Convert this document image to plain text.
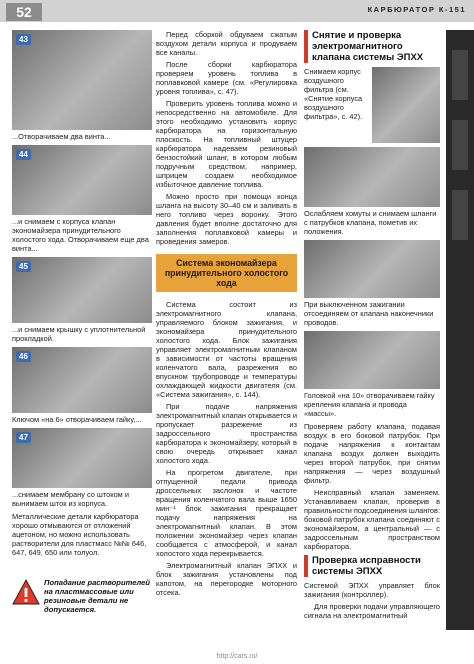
52	КАРБЮРАТОР К-151
43
...Отворачиваем два винта...
44
...и снимаем с корпуса клапан экономайзера принудительного холостого хода. Отворачиваем еще два винта...
45
...и снимаем крышку с уплотнительной прокладкой.
46
Ключом «на 6» отворачиваем гайку,...
47
...снимаем мембрану со штоком и вынимаем шток из корпуса.
Металлические детали карбюратора хорошо отмываются от отложений ацетоном, но можно использовать растворители для пластмасс №№ 646, 647, 649, 650 или толуол.
Попадание растворителей на пластмассовые или резиновые детали не допускается.

Перед сборкой обдуваем сжатым воздухом детали корпуса и продуваем все каналы.

После сборки карбюратора проверяем уровень топлива в поплавковой камере (см. «Регулировка уровня топлива», с. 47).

Проверить уровень топлива можно и непосредственно на автомобиле. Для этого необходимо установить корпус карбюратора на горизонтальную плоскость. На топливный штуцер карбюратора надеваем резиновый бензостойкий шланг, в котором любым подручным средством, например, шприцем создаем необходимое избыточное давление топлива.

Можно просто при помощи конца шланга на высоту 30–40 см и заливать в него топливо через воронку. Этого давления будет вполне достаточно для заполнения поплавковой камеры и проведения замеров.

Система экономайзера принудительного холостого хода

Система состоит из электромагнитного клапана, управляемого блоком зажигания, и экономайзера принудительного холостого хода. Блок зажигания управляет электромагнитным клапаном в зависимости от частоты вращения коленчатого вала, разрежения во впускном трубопроводе и температуры охлаждающей жидкости двигателя (см. «Система зажигания», с. 144).

При подаче напряжения электромагнитный клапан открывается и пропускает разрежение из задроссельного пространства карбюратора к экономайзеру, который в свою очередь открывает канал холостого хода.

На прогретом двигателе, при отпущенной педали привода дроссельных заслонок и частоте вращения коленчатого вала выше 1650 мин⁻¹ блок зажигания прекращает подачу напряжения на электромагнитный клапан. В этом положении экономайзер через клапан сообщается с атмосферой, и канал холостого хода перекрывается.

Электромагнитный клапан ЭПХХ и блок зажигания установлены под капотом, на перегородке моторного отсека.

Снятие и проверка электромагнитного клапана системы ЭПХХ
Снимаем корпус воздушного фильтра (см. «Снятие корпуса воздушного фильтра», с. 42).
Ослабляем хомуты и снимаем шланги с патрубков клапана, пометив их положения.
При выключенном зажигании отсоединяем от клапана наконечники проводов.
Головкой «на 10» отворачиваем гайку крепления клапана и провода «массы».

Проверяем работу клапана, подавая воздух в его боковой патрубок. При подаче напряжения к контактам клапана воздух должен выходить через второй патрубок, при снятии напряжения — через воздушный фильтр.

Неисправный клапан заменяем. Устанавливаем клапан, проверив в правильности подсоединения шлангов: боковой патрубок клапана соединяют с экономайзером, а центральный — с задроссельным пространством карбюратора.

Проверка исправности системы ЭПХХ

Системой ЭПХХ управляет блок зажигания (контроллер).

Для проверки подачи управляющего сигнала на электромагнитный

http://cars.ru/
